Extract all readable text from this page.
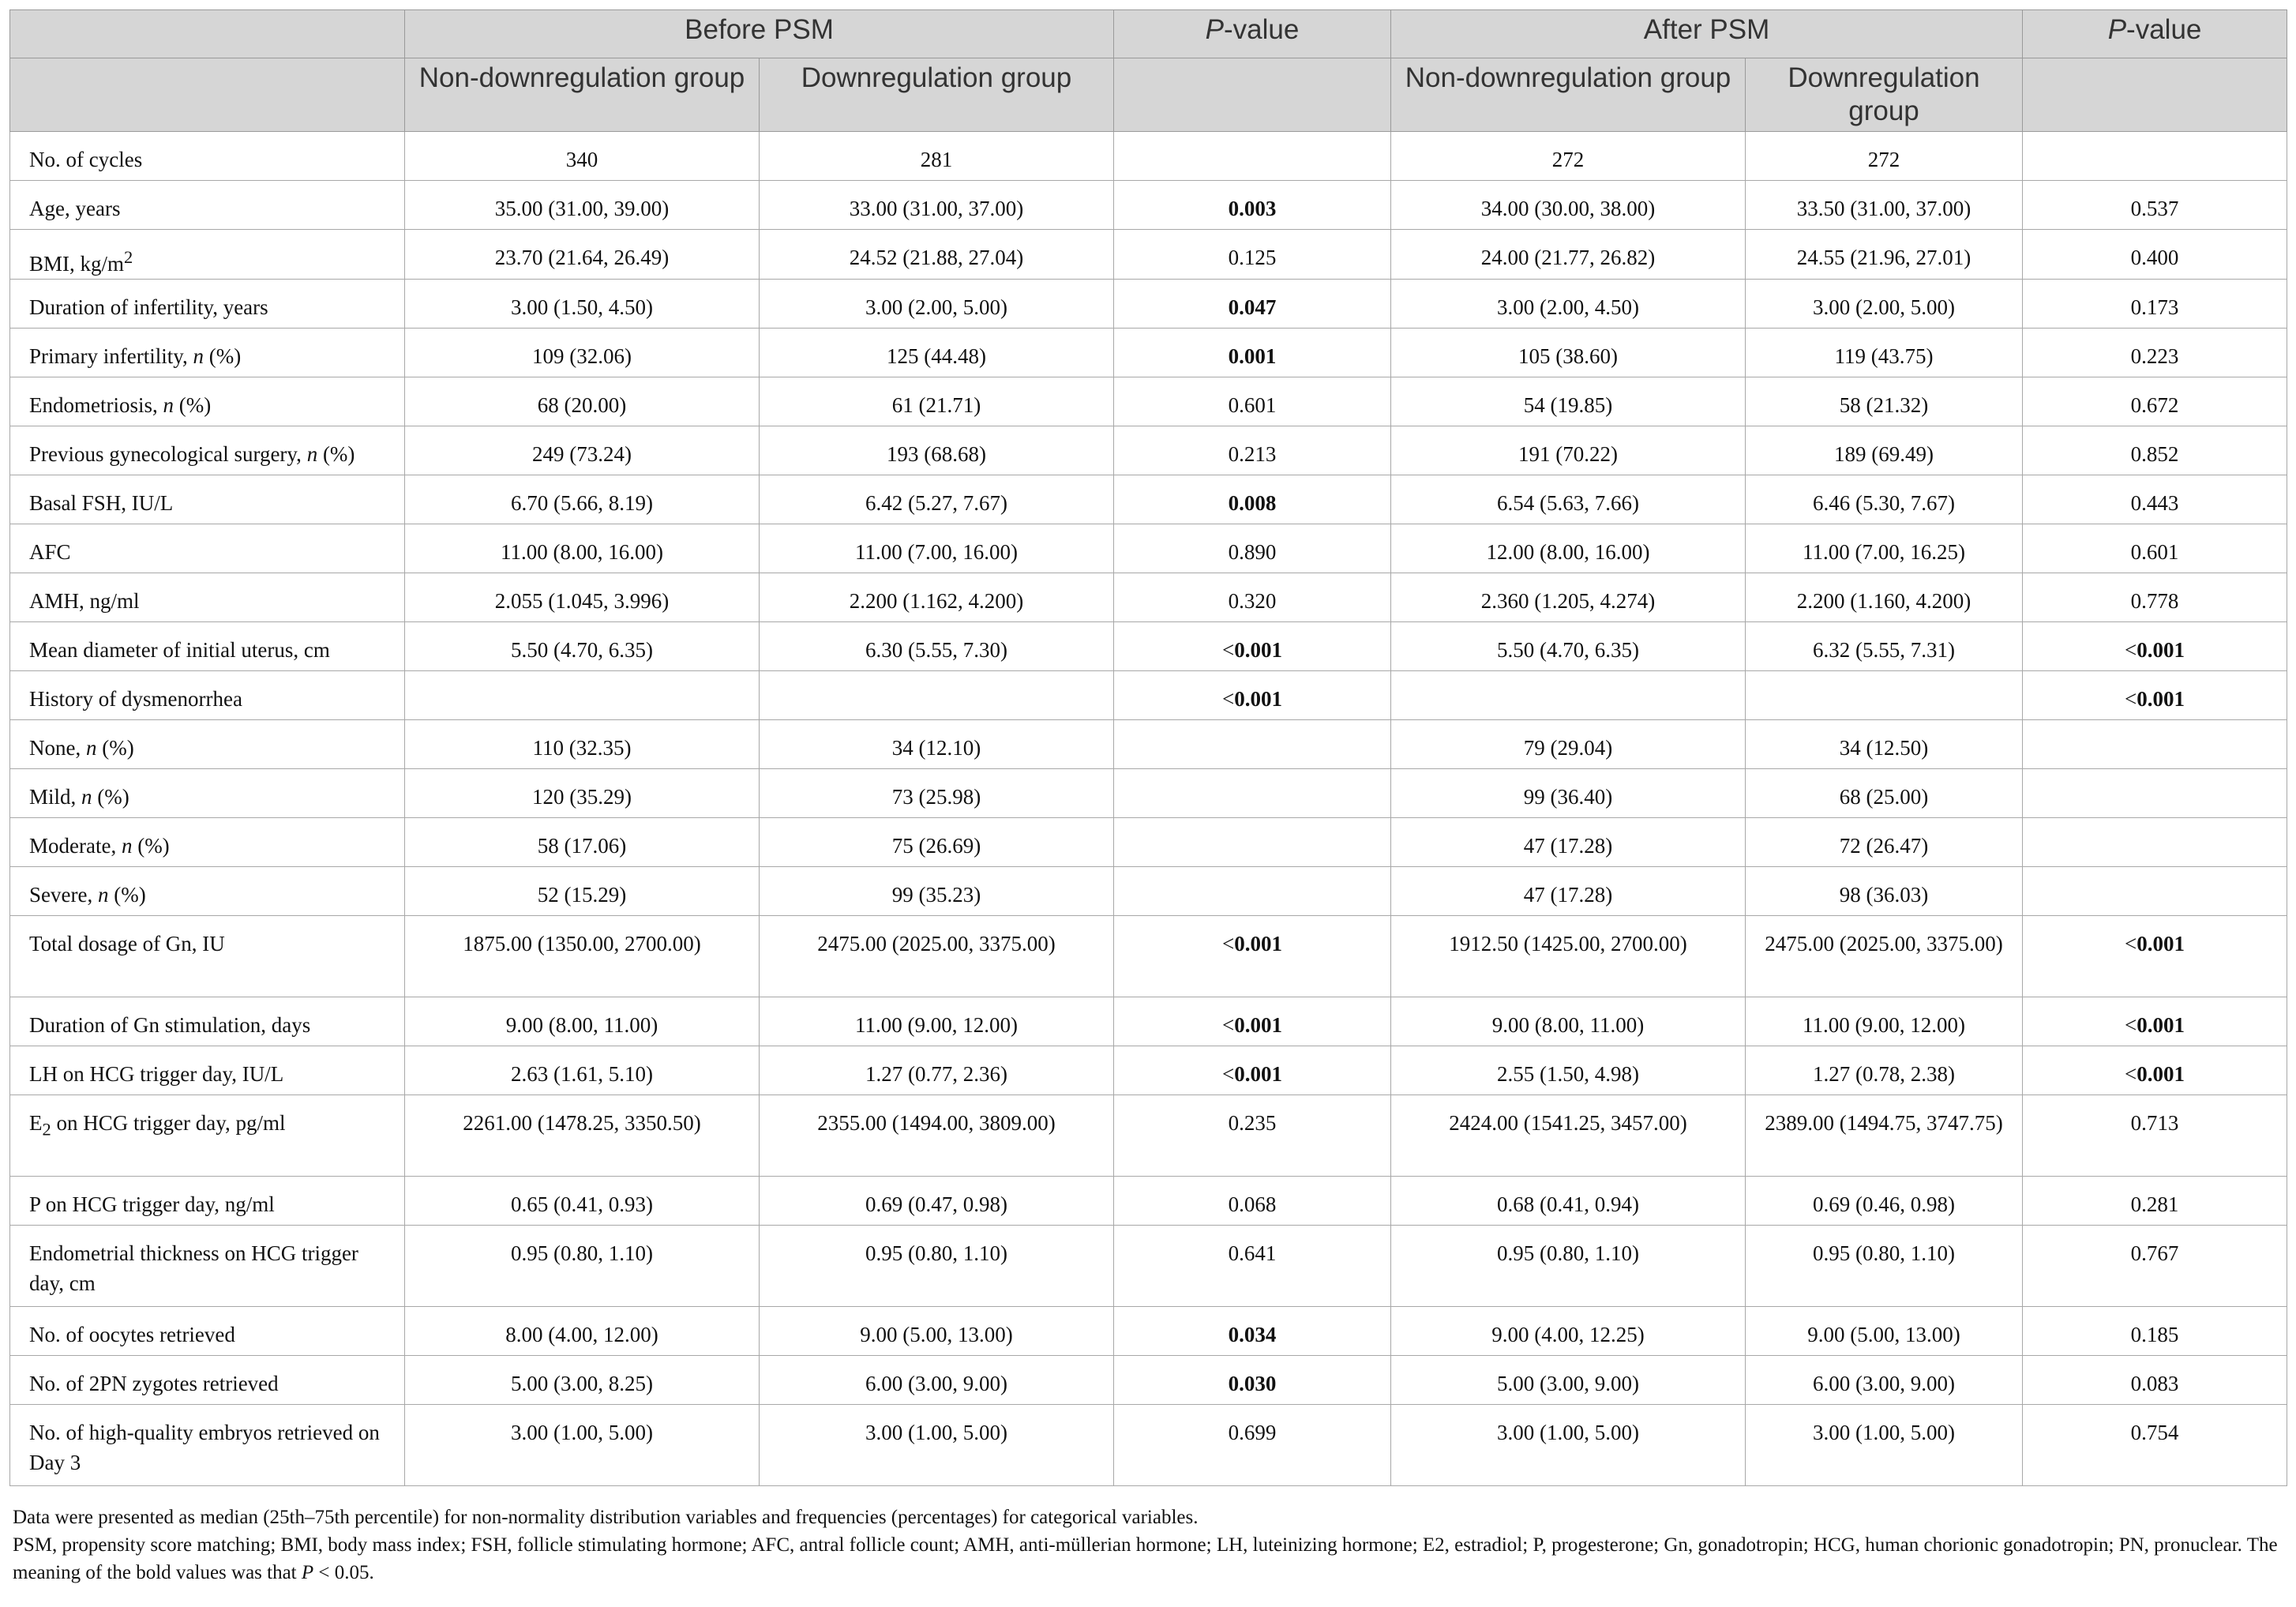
	Before PSM		P-value	After PSM		P-value
	Non-downregulation group	Downregulation group		Non-downregulation group	Downregulation group	
No. of cycles	340	281		272	272	
Age, years	35.00 (31.00, 39.00)	33.00 (31.00, 37.00)	0.003	34.00 (30.00, 38.00)	33.50 (31.00, 37.00)	0.537
BMI, $kg/m^2$	23.70 (21.64, 26.49)	24.52 (21.88, 27.04)	0.125	24.00 (21.77, 26.82)	24.55 (21.96, 27.01)	0.400
Duration of infertility, years	3.00 (1.50, 4.50)	3.00 (2.00, 5.00)	0.047	3.00 (2.00, 4.50)	3.00 (2.00, 5.00)	0.173
Primary infertility, n (%)	109 (32.06)	125 (44.48)	0.001	105 (38.60)	119 (43.75)	0.223
Endometriosis, n (%)	68 (20.00)	61 (21.71)	0.601	54 (19.85)	58 (21.32)	0.672
Previous gynecological surgery, n (%)	249 (73.24)	193 (68.68)	0.213	191 (70.22)	189 (69.49)	0.852
Basal FSH, IU/L	6.70 (5.66, 8.19)	6.42 (5.27, 7.67)	0.008	6.54 (5.63, 7.66)	6.46 (5.30, 7.67)	0.443
AFC	11.00 (8.00, 16.00)	11.00 (7.00, 16.00)	0.890	12.00 (8.00, 16.00)	11.00 (7.00, 16.25)	0.601
AMH, ng/ml	2.055 (1.045, 3.996)	2.200 (1.162, 4.200)	0.320	2.360 (1.205, 4.274)	2.200 (1.160, 4.200)	0.778
Mean diameter of initial uterus, cm	5.50 (4.70, 6.35)	6.30 (5.55, 7.30)	<0.001	5.50 (4.70, 6.35)	6.32 (5.55, 7.31)	<0.001
History of dysmenorrhea			<0.001			<0.001
None, n (%)	110 (32.35)	34 (12.10)		79 (29.04)	34 (12.50)	
Mild, n (%)	120 (35.29)	73 (25.98)		99 (36.40)	68 (25.00)	
Moderate, n (%)	58 (17.06)	75 (26.69)		47 (17.28)	72 (26.47)	
Severe, n (%)	52 (15.29)	99 (35.23)		47 (17.28)	98 (36.03)	
Total dosage of Gn, IU	1875.00 (1350.00, 2700.00)	2475.00 (2025.00, 3375.00)	<0.001	1912.50 (1425.00, 2700.00)	2475.00 (2025.00, 3375.00)	<0.001
Duration of Gn stimulation, days	9.00 (8.00, 11.00)	11.00 (9.00, 12.00)	<0.001	9.00 (8.00, 11.00)	11.00 (9.00, 12.00)	<0.001
LH on HCG trigger day, IU/L	2.63 (1.61, 5.10)	1.27 (0.77, 2.36)	<0.001	2.55 (1.50, 4.98)	1.27 (0.78, 2.38)	<0.001
$E_2$ on HCG trigger day, pg/ml	2261.00 (1478.25, 3350.50)	2355.00 (1494.00, 3809.00)	0.235	2424.00 (1541.25, 3457.00)	2389.00 (1494.75, 3747.75)	0.713
P on HCG trigger day, ng/ml	0.65 (0.41, 0.93)	0.69 (0.47, 0.98)	0.068	0.68 (0.41, 0.94)	0.69 (0.46, 0.98)	0.281
Endometrial thickness on HCG trigger day, cm	0.95 (0.80, 1.10)	0.95 (0.80, 1.10)	0.641	0.95 (0.80, 1.10)	0.95 (0.80, 1.10)	0.767
No. of oocytes retrieved	8.00 (4.00, 12.00)	9.00 (5.00, 13.00)	0.034	9.00 (4.00, 12.25)	9.00 (5.00, 13.00)	0.185
No. of 2PN zygotes retrieved	5.00 (3.00, 8.25)	6.00 (3.00, 9.00)	0.030	5.00 (3.00, 9.00)	6.00 (3.00, 9.00)	0.083
No. of high-quality embryos retrieved on Day 3	3.00 (1.00, 5.00)	3.00 (1.00, 5.00)	0.699	3.00 (1.00, 5.00)	3.00 (1.00, 5.00)	0.754

Data were presented as median (25th–75th percentile) for non-normality distribution variables and frequencies (percentages) for categorical variables.

PSM, propensity score matching; BMI, body mass index; FSH, follicle stimulating hormone; AFC, antral follicle count; AMH, anti-müllerian hormone; LH, luteinizing hormone; E2, estradiol; P, progesterone; Gn, gonadotropin; HCG, human chorionic gonadotropin; PN, pronuclear. The meaning of the bold values was that P < 0.05.
